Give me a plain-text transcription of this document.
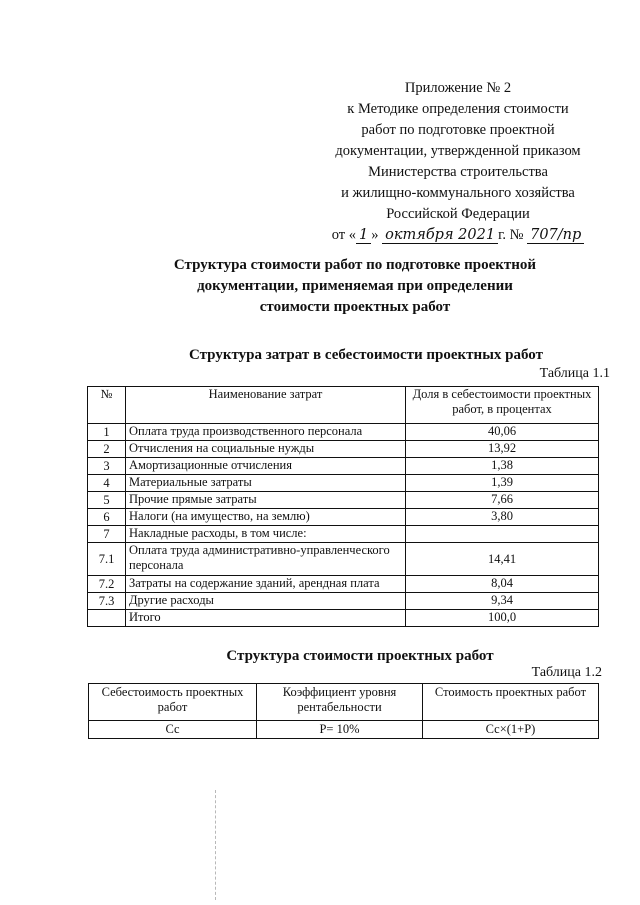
Приложение № 2
к Методике определения стоимости
работ по подготовке проектной
документации, утвержденной приказом
Министерства строительства
и жилищно-коммунального хозяйства
Российской Федерации
от « 1 » октября 2021 г. № 707/пр
Структура стоимости работ по подготовке проектной
документации, применяемая при определении
стоимости проектных работ
Структура затрат в себестоимости проектных работ
Таблица 1.1
№	Наименование затрат	Доля в себестоимости проектных работ, в процентах
1	Оплата труда производственного персонала	40,06
2	Отчисления на социальные нужды	13,92
3	Амортизационные отчисления	1,38
4	Материальные затраты	1,39
5	Прочие прямые затраты	7,66
6	Налоги (на имущество, на землю)	3,80
7	Накладные расходы, в том числе:	
7.1	Оплата труда административно-управленческого персонала	14,41
7.2	Затраты на содержание зданий, арендная плата	8,04
7.3	Другие расходы	9,34
	Итого	100,0
Структура стоимости проектных работ
Таблица 1.2
Себестоимость проектных работ	Коэффициент уровня рентабельности	Стоимость проектных работ
Сс	Р= 10%	Сс×(1+Р)
